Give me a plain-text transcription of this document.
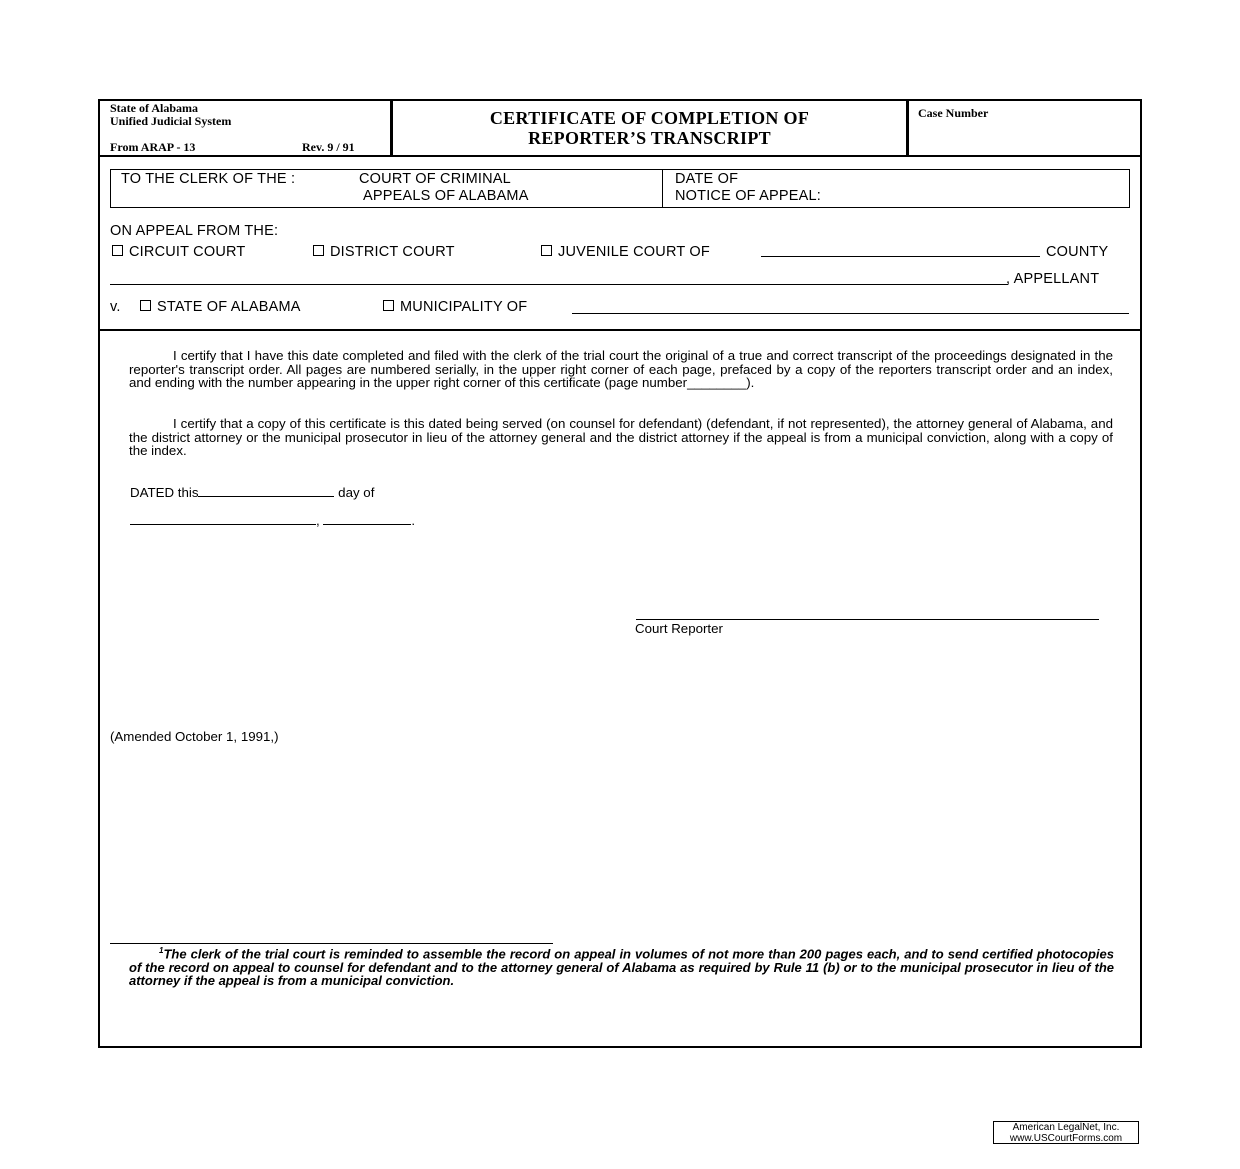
State of Alabama
Unified Judicial System
From ARAP - 13	Rev. 9 / 91
CERTIFICATE OF COMPLETION OF
REPORTER’S TRANSCRIPT
Case Number
TO THE CLERK OF THE :	COURT OF CRIMINAL
APPEALS OF ALABAMA
DATE OF
NOTICE OF APPEAL:
ON APPEAL FROM THE:
CIRCUIT COURT	DISTRICT COURT	JUVENILE COURT OF	COUNTY
, APPELLANT
v.	STATE OF ALABAMA	MUNICIPALITY OF
I certify that I have this date completed and filed with the clerk of the trial court the original of a true and correct transcript of the proceedings designated in the reporter's transcript order. All pages are numbered serially, in the upper right corner of each page, prefaced by a copy of the reporters transcript order and an index, and ending with the number appearing in the upper right corner of this certificate (page number________).
I certify that a copy of this certificate is this dated being served (on counsel for defendant) (defendant, if not represented), the attorney general of Alabama, and the district attorney or the municipal prosecutor in lieu of the attorney general and the district attorney if the appeal is from a municipal conviction, along with a copy of the index.
DATED this	day of
,	.
Court Reporter
(Amended October 1, 1991,)
$^1$The clerk of the trial court is reminded to assemble the record on appeal in volumes of not more than 200 pages each, and to send certified photocopies of the record on appeal to counsel for defendant and to the attorney general of Alabama as required by Rule 11 (b) or to the municipal prosecutor in lieu of the attorney if the appeal is from a municipal conviction.
American LegalNet, Inc.
www.USCourtForms.com
